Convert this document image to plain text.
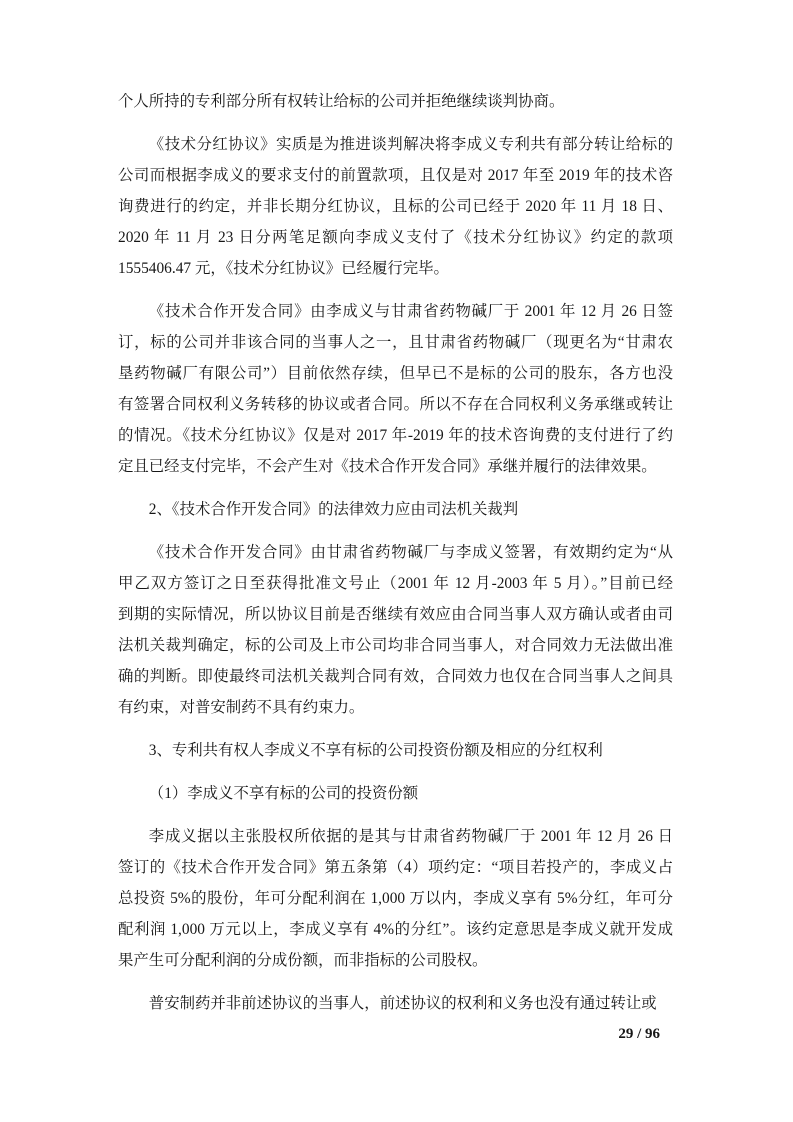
个人所持的专利部分所有权转让给标的公司并拒绝继续谈判协商。
《技术分红协议》实质是为推进谈判解决将李成义专利共有部分转让给标的
公司而根据李成义的要求支付的前置款项，且仅是对 2017 年至 2019 年的技术咨
询费进行的约定，并非长期分红协议，且标的公司已经于 2020 年 11 月 18 日、
2020 年 11 月 23 日分两笔足额向李成义支付了《技术分红协议》约定的款项
1555406.47 元，《技术分红协议》已经履行完毕。
《技术合作开发合同》由李成义与甘肃省药物碱厂于 2001 年 12 月 26 日签
订，标的公司并非该合同的当事人之一，且甘肃省药物碱厂（现更名为“甘肃农
垦药物碱厂有限公司”）目前依然存续，但早已不是标的公司的股东，各方也没
有签署合同权利义务转移的协议或者合同。所以不存在合同权利义务承继或转让
的情况。《技术分红协议》仅是对 2017 年-2019 年的技术咨询费的支付进行了约
定且已经支付完毕，不会产生对《技术合作开发合同》承继并履行的法律效果。
2、《技术合作开发合同》的法律效力应由司法机关裁判
《技术合作开发合同》由甘肃省药物碱厂与李成义签署，有效期约定为“从
甲乙双方签订之日至获得批准文号止（2001 年 12 月-2003 年 5 月）。”目前已经
到期的实际情况，所以协议目前是否继续有效应由合同当事人双方确认或者由司
法机关裁判确定，标的公司及上市公司均非合同当事人，对合同效力无法做出准
确的判断。即使最终司法机关裁判合同有效，合同效力也仅在合同当事人之间具
有约束，对普安制药不具有约束力。
3、专利共有权人李成义不享有标的公司投资份额及相应的分红权利
（1）李成义不享有标的公司的投资份额
李成义据以主张股权所依据的是其与甘肃省药物碱厂于 2001 年 12 月 26 日
签订的《技术合作开发合同》第五条第（4）项约定：“项目若投产的，李成义占
总投资 5%的股份，年可分配利润在 1,000 万以内，李成义享有 5%分红，年可分
配利润 1,000 万元以上，李成义享有 4%的分红”。该约定意思是李成义就开发成
果产生可分配利润的分成份额，而非指标的公司股权。
普安制药并非前述协议的当事人，前述协议的权利和义务也没有通过转让或
29 / 96
